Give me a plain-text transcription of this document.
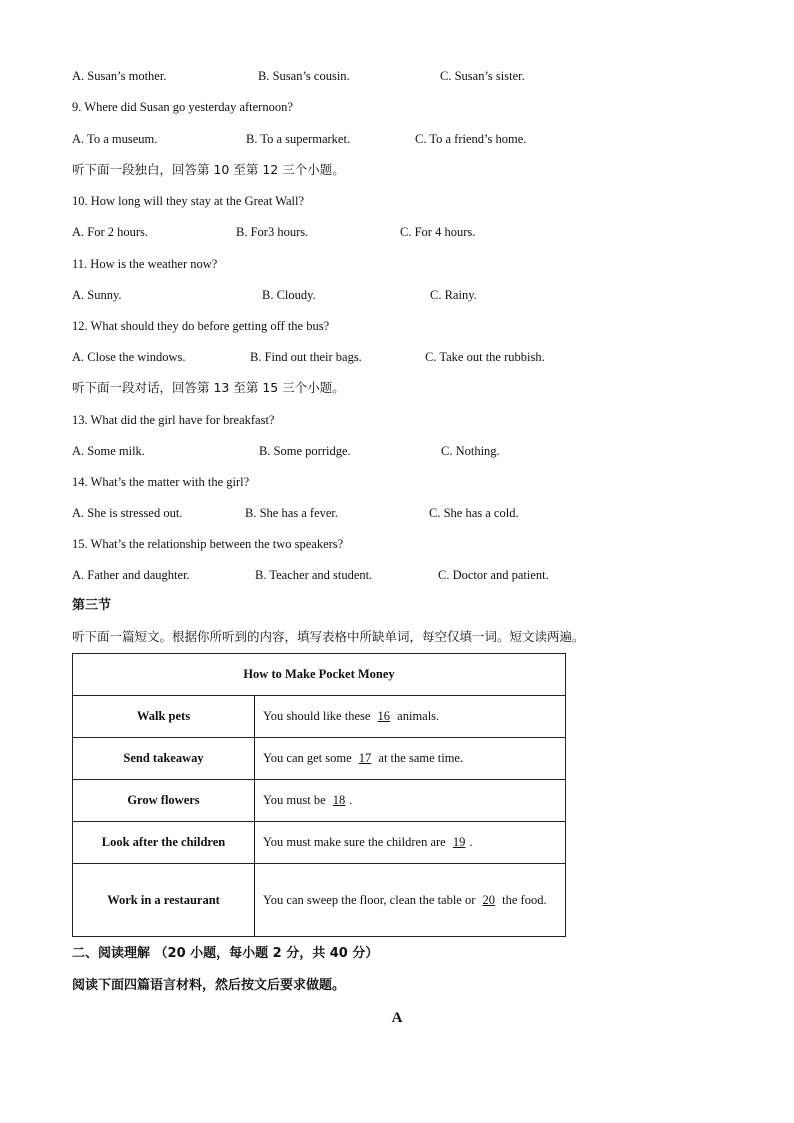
A. Susan’s mother.	B. Susan’s cousin.	C. Susan’s sister.
9. Where did Susan go yesterday afternoon?
A. To a museum.	B. To a supermarket.	C. To a friend’s home.
听下面一段独白，回答第 10 至第 12 三个小题。
10. How long will they stay at the Great Wall?
A. For 2 hours.	B. For3 hours.	C. For 4 hours.
11. How is the weather now?
A. Sunny.	B. Cloudy.	C. Rainy.
12. What should they do before getting off the bus?
A. Close the windows.	B. Find out their bags.	C. Take out the rubbish.
听下面一段对话，回答第 13 至第 15 三个小题。
13. What did the girl have for breakfast?
A. Some milk.	B. Some porridge.	C. Nothing.
14. What’s the matter with the girl?
A. She is stressed out.	B. She has a fever.	C. She has a cold.
15. What’s the relationship between the two speakers?
A. Father and daughter.	B. Teacher and student.	C. Doctor and patient.
第三节
听下面一篇短文。根据你所听到的内容，填写表格中所缺单词，每空仅填一词。短文读两遍。
How to Make Pocket Money	
Walk pets	You should like these 16 animals.
Send takeaway	You can get some 17 at the same time.
Grow flowers	You must be 18 .
Look after the children	You must make sure the children are 19 .
Work in a restaurant	You can sweep the floor, clean the table or 20 the food.
二、阅读理解 （20 小题，每小题 2 分，共 40 分）
阅读下面四篇语言材料，然后按文后要求做题。
A
